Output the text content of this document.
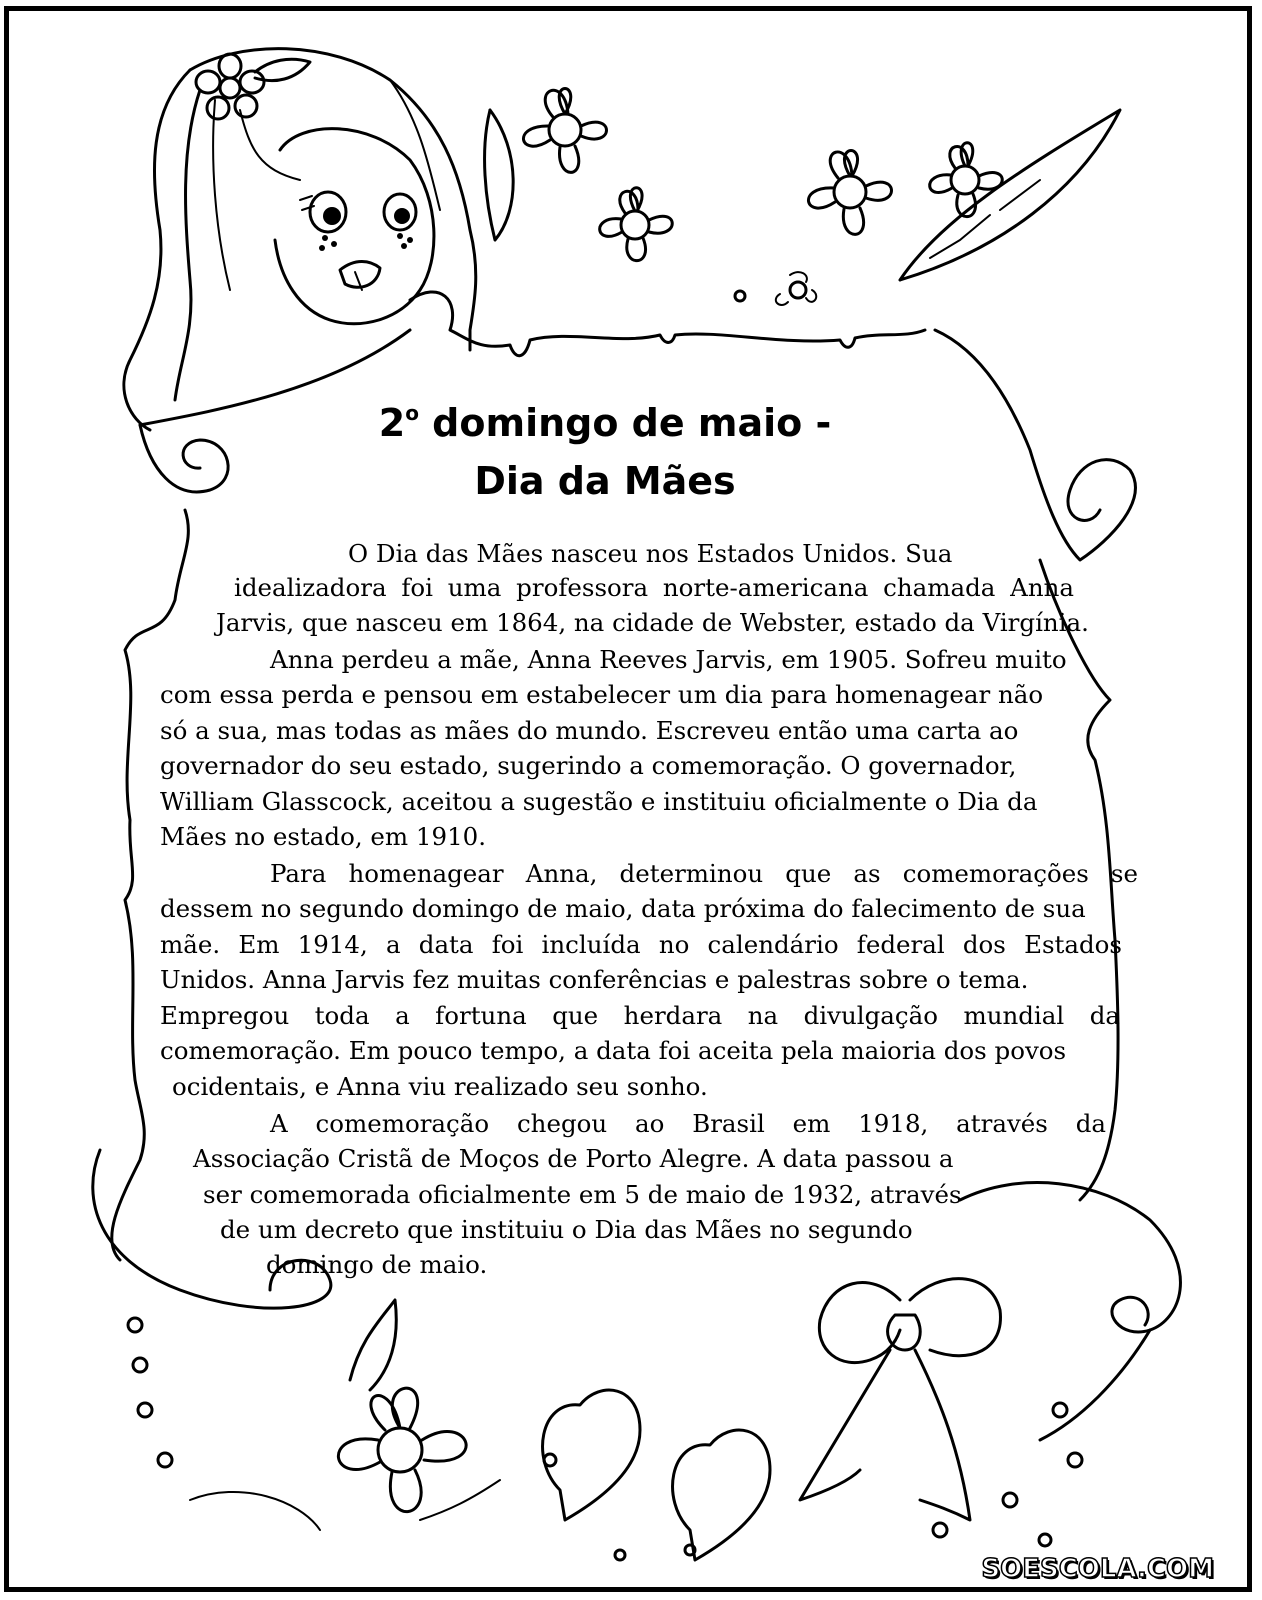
2$^o$ domingo de maio -
Dia da Mães
O Dia das Mães nasceu nos Estados Unidos. Sua
idealizadora foi uma professora norte-americana chamada Anna
Jarvis, que nasceu em 1864, na cidade de Webster, estado da Virgínia.
Anna perdeu a mãe, Anna Reeves Jarvis, em 1905. Sofreu muito
com essa perda e pensou em estabelecer um dia para homenagear não
só a sua, mas todas as mães do mundo. Escreveu então uma carta ao
governador do seu estado, sugerindo a comemoração. O governador,
William Glasscock, aceitou a sugestão e instituiu oficialmente o Dia da
Mães no estado, em 1910.
Para homenagear Anna, determinou que as comemorações se
dessem no segundo domingo de maio, data próxima do falecimento de sua
mãe. Em 1914, a data foi incluída no calendário federal dos Estados
Unidos. Anna Jarvis fez muitas conferências e palestras sobre o tema.
Empregou toda a fortuna que herdara na divulgação mundial da
comemoração. Em pouco tempo, a data foi aceita pela maioria dos povos
ocidentais, e Anna viu realizado seu sonho.
A comemoração chegou ao Brasil em 1918, através da
Associação Cristã de Moços de Porto Alegre. A data passou a
ser comemorada oficialmente em 5 de maio de 1932, através
de um decreto que instituiu o Dia das Mães no segundo
domingo de maio.
SOESCOLA.COM
